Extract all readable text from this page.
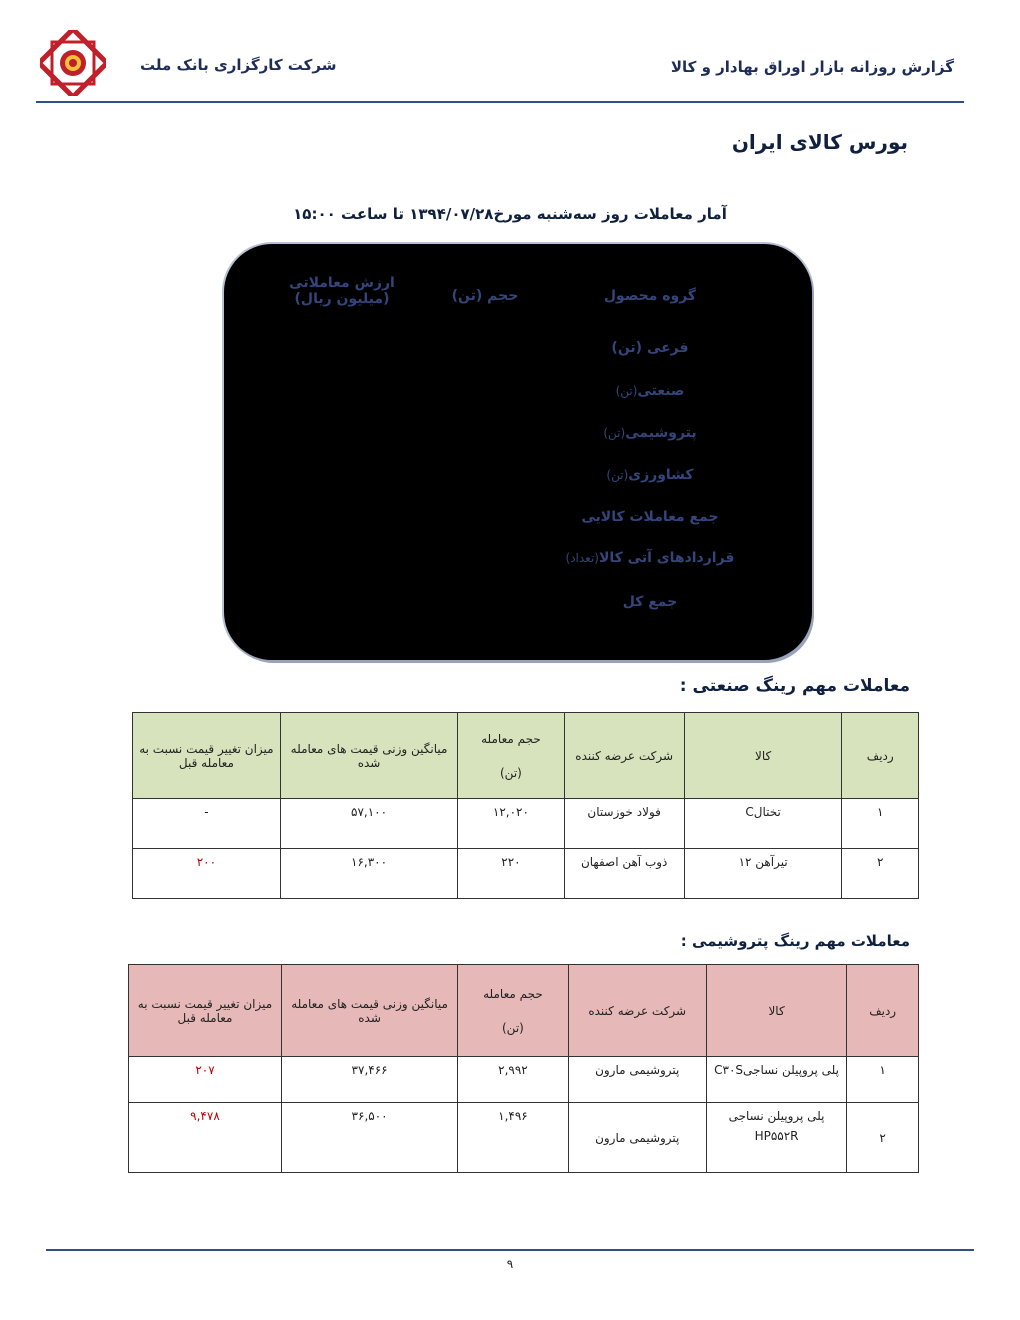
شرکت کارگزاری بانک ملت	گزارش روزانه بازار اوراق بهادار و کالا
بورس کالای ایران
آمار معاملات روز سه‌شنبه مورخ۱۳۹۴/۰۷/۲۸ تا ساعت ۱۵:۰۰
گروه محصول
حجم (تن)
ارزش معاملاتی
(میلیون ریال)
فرعی (تن)
صنعتی(تن)
پتروشیمی(تن)
کشاورزی(تن)
جمع معاملات کالایی
قراردادهای آتی کالا(تعداد)
جمع کل
معاملات مهم رینگ صنعتی :
ردیف	کالا	شرکت عرضه کننده	حجم معامله
(تن)	میانگین وزنی قیمت های معامله شده	میزان تغییر قیمت نسبت به معامله قبل
۱	تختالC	فولاد خوزستان	۱۲,۰۲۰	۵۷,۱۰۰	-
۲	تیرآهن ۱۲	ذوب آهن اصفهان	۲۲۰	۱۶,۳۰۰	۲۰۰
معاملات مهم رینگ پتروشیمی :
ردیف	کالا	شرکت عرضه کننده	حجم معامله
(تن)	میانگین وزنی قیمت های معامله شده	میزان تغییر قیمت نسبت به معامله قبل
۱	پلی پروپیلن نساجیC۳۰S	پتروشیمی مارون	۲,۹۹۲	۳۷,۴۶۶	۲۰۷
۲	پلی پروپیلن نساجی
HP۵۵۲R	پتروشیمی مارون	۱,۴۹۶	۳۶,۵۰۰	۹,۴۷۸
۹
